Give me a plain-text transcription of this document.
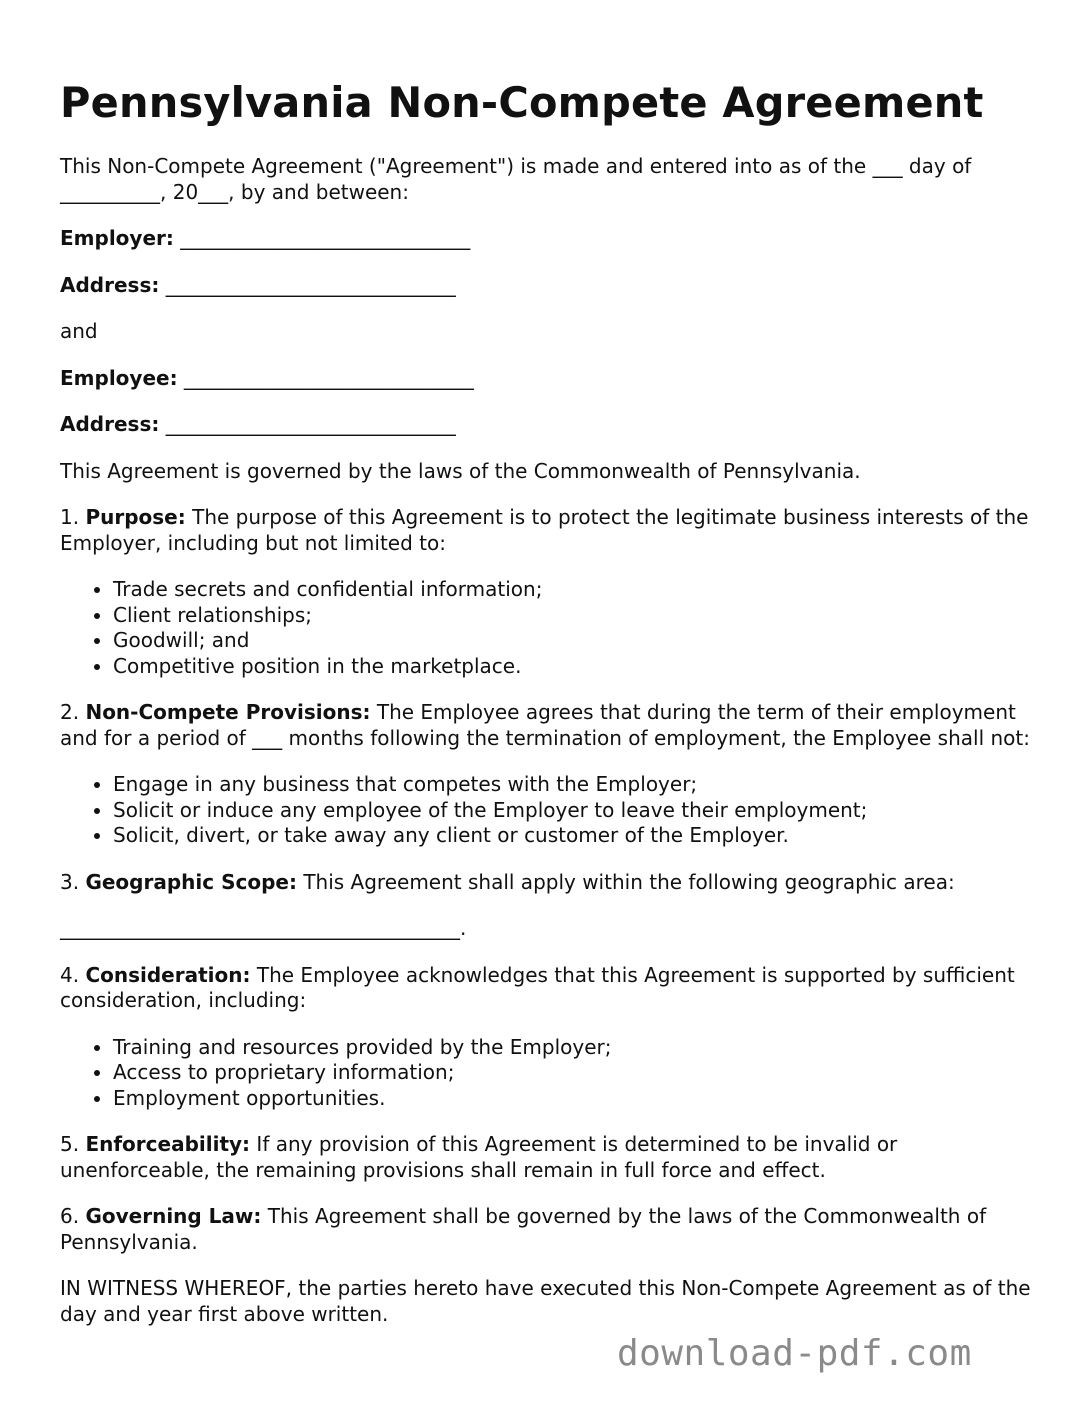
Pennsylvania Non-Compete Agreement

This Non-Compete Agreement ("Agreement") is made and entered into as of the ___ day of __________, 20___, by and between:

Employer: _____________________________

Address: _____________________________

and

Employee: _____________________________

Address: _____________________________

This Agreement is governed by the laws of the Commonwealth of Pennsylvania.

1. Purpose: The purpose of this Agreement is to protect the legitimate business interests of the Employer, including but not limited to:

• Trade secrets and confidential information;
• Client relationships;
• Goodwill; and
• Competitive position in the marketplace.

2. Non-Compete Provisions: The Employee agrees that during the term of their employment and for a period of ___ months following the termination of employment, the Employee shall not:

• Engage in any business that competes with the Employer;
• Solicit or induce any employee of the Employer to leave their employment;
• Solicit, divert, or take away any client or customer of the Employer.

3. Geographic Scope: This Agreement shall apply within the following geographic area:

________________________________________.

4. Consideration: The Employee acknowledges that this Agreement is supported by sufficient consideration, including:

• Training and resources provided by the Employer;
• Access to proprietary information;
• Employment opportunities.

5. Enforceability: If any provision of this Agreement is determined to be invalid or unenforceable, the remaining provisions shall remain in full force and effect.

6. Governing Law: This Agreement shall be governed by the laws of the Commonwealth of Pennsylvania.

IN WITNESS WHEREOF, the parties hereto have executed this Non-Compete Agreement as of the day and year first above written.

download-pdf.com
